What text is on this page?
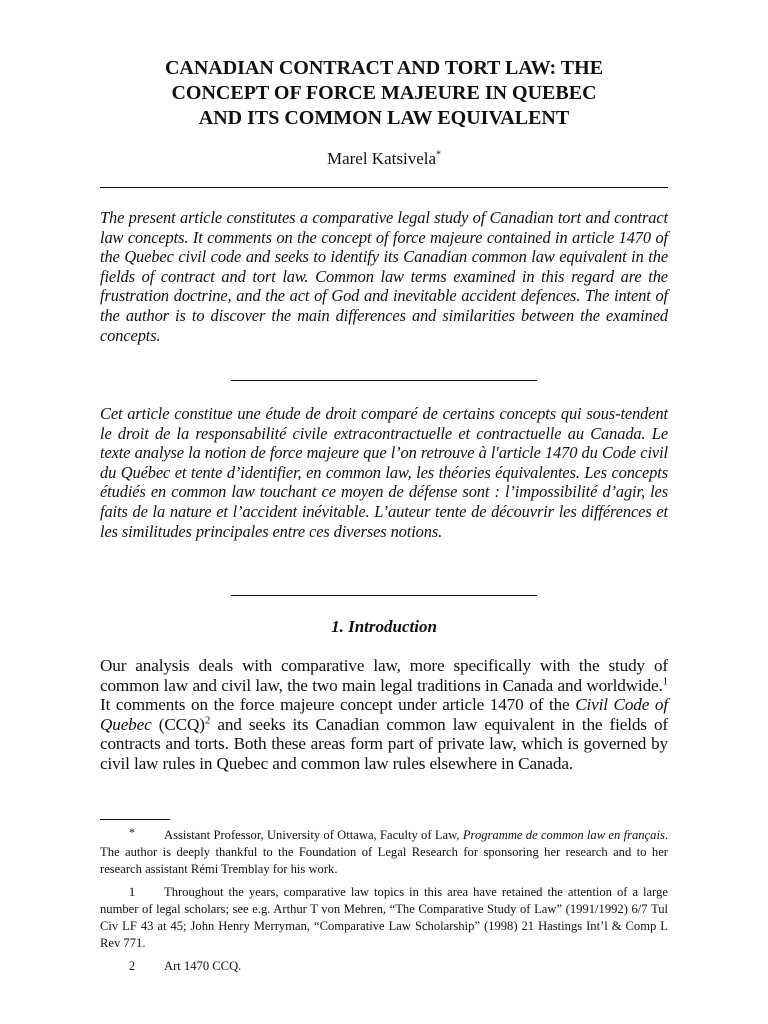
CANADIAN CONTRACT AND TORT LAW: THE
CONCEPT OF FORCE MAJEURE IN QUEBEC
AND ITS COMMON LAW EQUIVALENT

Marel Katsivela*

The present article constitutes a comparative legal study of Canadian tort and contract law concepts. It comments on the concept of force majeure contained in article 1470 of the Quebec civil code and seeks to identify its Canadian common law equivalent in the fields of contract and tort law. Common law terms examined in this regard are the frustration doctrine, and the act of God and inevitable accident defences. The intent of the author is to discover the main differences and similarities between the examined concepts.

Cet article constitue une étude de droit comparé de certains concepts qui sous-tendent le droit de la responsabilité civile extracontractuelle et contractuelle au Canada. Le texte analyse la notion de force majeure que l’on retrouve à l'article 1470 du Code civil du Québec et tente d’identifier, en common law, les théories équivalentes. Les concepts étudiés en common law touchant ce moyen de défense sont : l’impossibilité d’agir, les faits de la nature et l’accident inévitable. L’auteur tente de découvrir les différences et les similitudes principales entre ces diverses notions.

1. Introduction

Our analysis deals with comparative law, more specifically with the study of common law and civil law, the two main legal traditions in Canada and worldwide.$^1$ It comments on the force majeure concept under article 1470 of the Civil Code of Quebec (CCQ)$^2$ and seeks its Canadian common law equivalent in the fields of contracts and torts. Both these areas form part of private law, which is governed by civil law rules in Quebec and common law rules elsewhere in Canada.

* Assistant Professor, University of Ottawa, Faculty of Law, Programme de common law en français. The author is deeply thankful to the Foundation of Legal Research for sponsoring her research and to her research assistant Rémi Tremblay for his work.

1 Throughout the years, comparative law topics in this area have retained the attention of a large number of legal scholars; see e.g. Arthur T von Mehren, “The Comparative Study of Law” (1991/1992) 6/7 Tul Civ LF 43 at 45; John Henry Merryman, “Comparative Law Scholarship” (1998) 21 Hastings Int’l & Comp L Rev 771.

2 Art 1470 CCQ.
